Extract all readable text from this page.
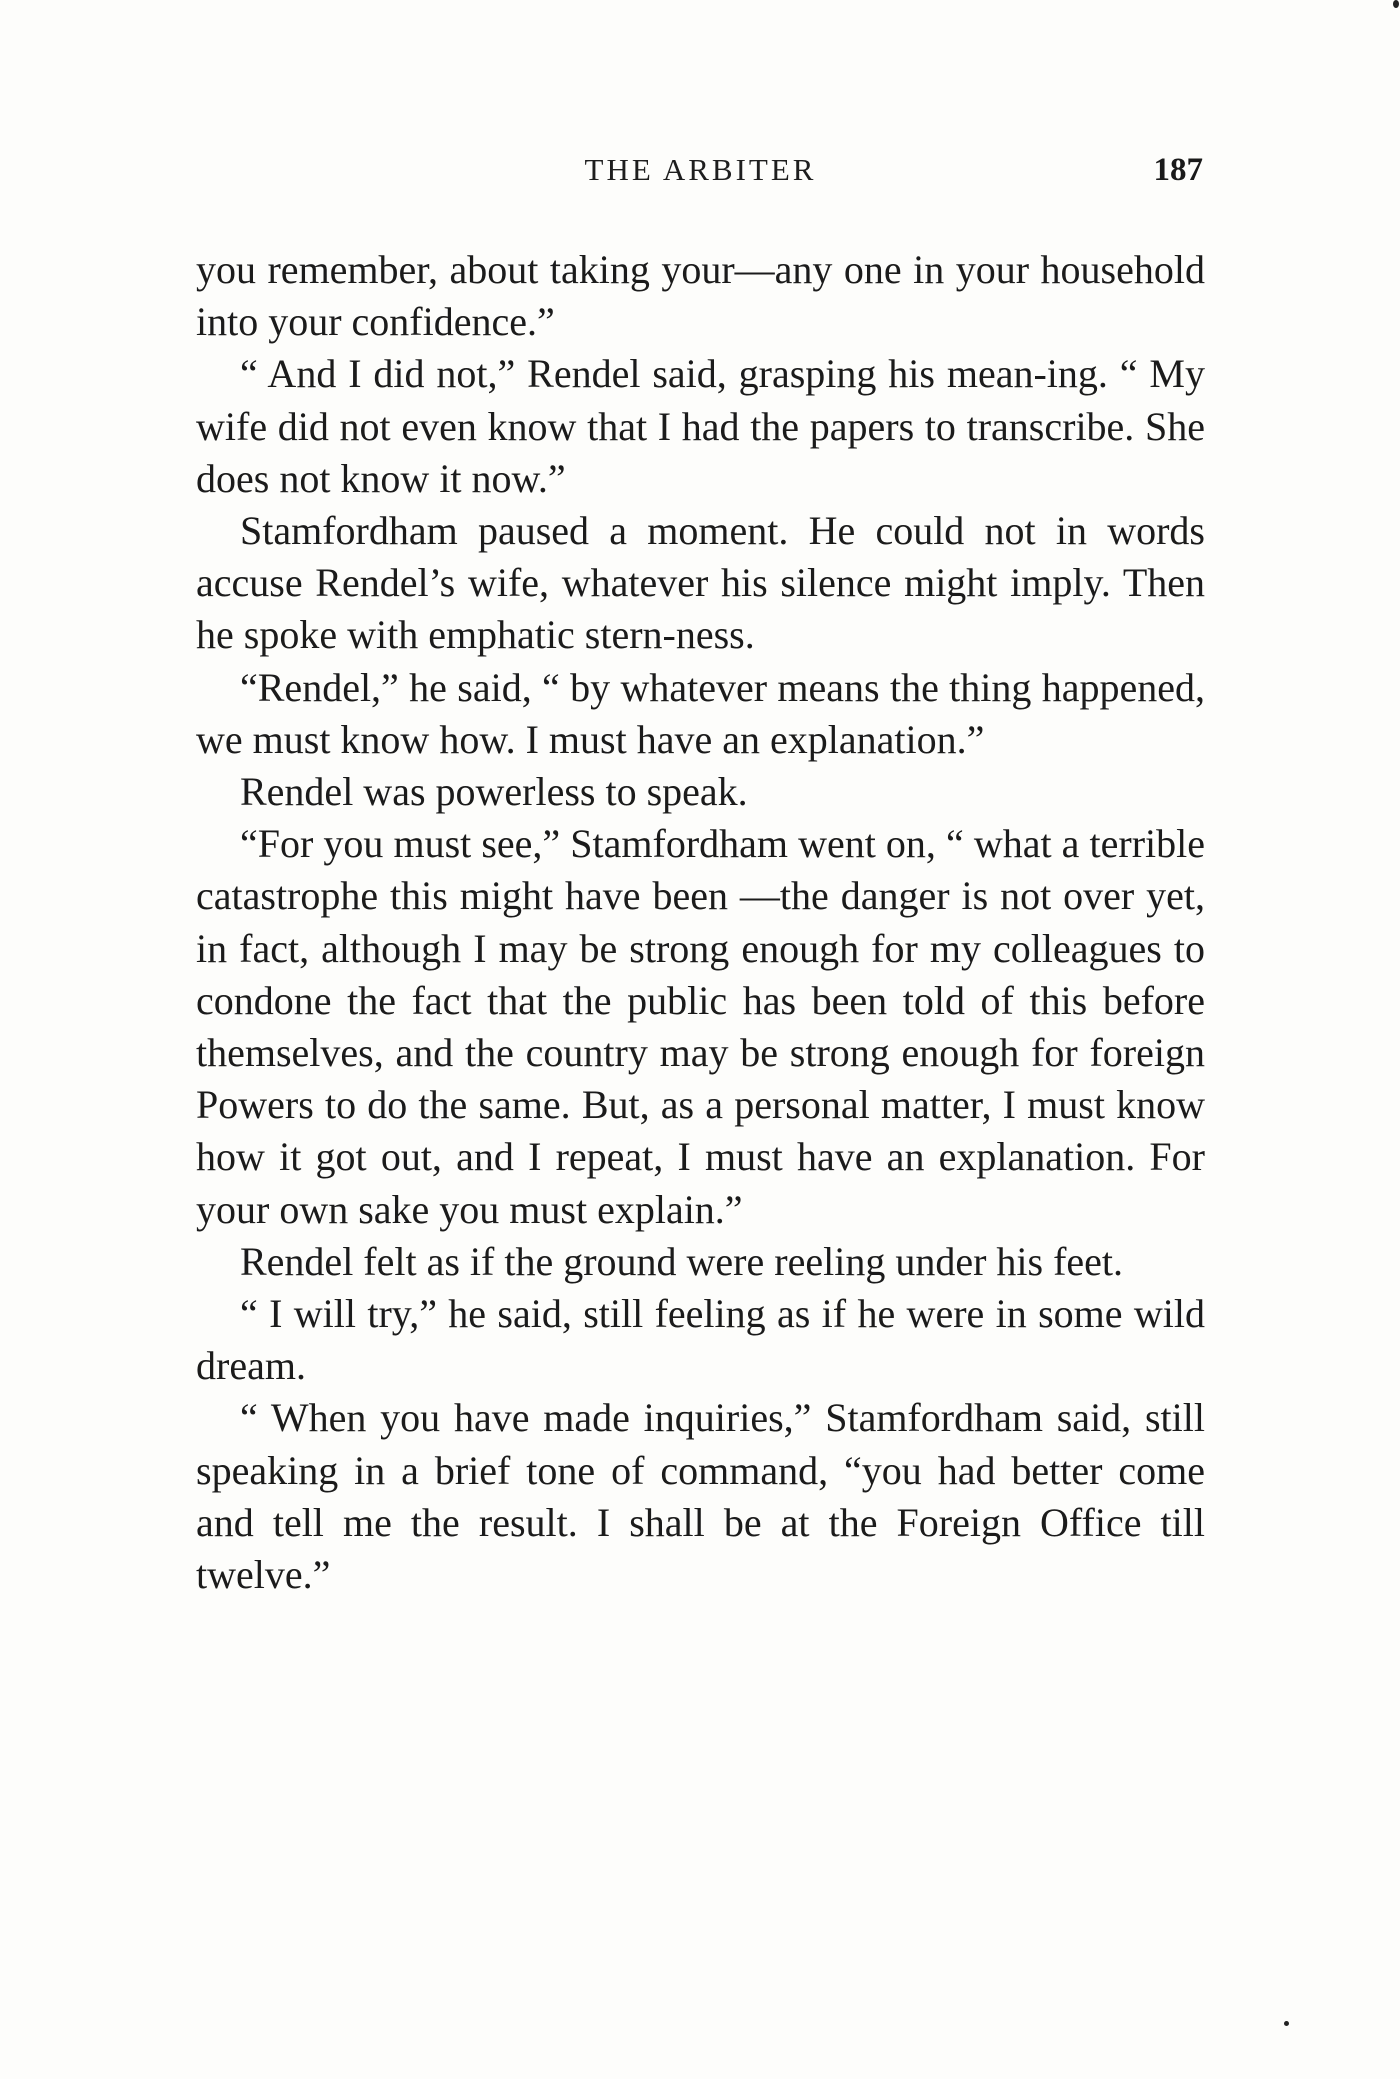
THE ARBITER	187

you remember, about taking your—any one in your household into your confidence.”

“ And I did not,” Rendel said, grasping his mean-ing. “ My wife did not even know that I had the papers to transcribe. She does not know it now.”

Stamfordham paused a moment. He could not in words accuse Rendel’s wife, whatever his silence might imply. Then he spoke with emphatic stern-ness.

“Rendel,” he said, “ by whatever means the thing happened, we must know how. I must have an explanation.”

Rendel was powerless to speak.

“For you must see,” Stamfordham went on, “ what a terrible catastrophe this might have been —the danger is not over yet, in fact, although I may be strong enough for my colleagues to condone the fact that the public has been told of this before themselves, and the country may be strong enough for foreign Powers to do the same. But, as a personal matter, I must know how it got out, and I repeat, I must have an explanation. For your own sake you must explain.”

Rendel felt as if the ground were reeling under his feet.

“ I will try,” he said, still feeling as if he were in some wild dream.

“ When you have made inquiries,” Stamfordham said, still speaking in a brief tone of command, “you had better come and tell me the result. I shall be at the Foreign Office till twelve.”
